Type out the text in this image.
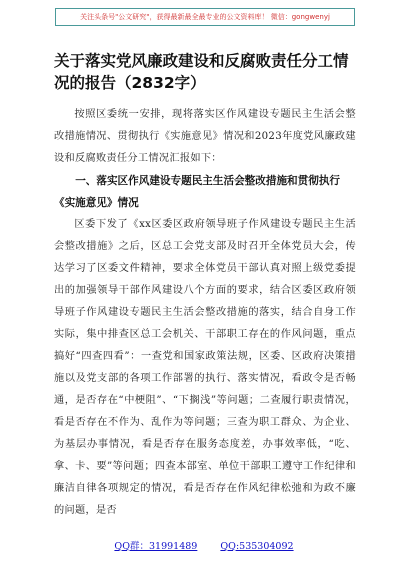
关注头条号"公文研究"，获得最新最全最专业的公文资料库！ 微信：gongwenyj
关于落实党风廉政建设和反腐败责任分工情况的报告（2832字）

按照区委统一安排，现将落实区作风建设专题民主生活会整改措施情况、贯彻执行《实施意见》情况和2023年度党风廉政建设和反腐败责任分工情况汇报如下：

一、落实区作风建设专题民主生活会整改措施和贯彻执行《实施意见》情况

区委下发了《xx区委区政府领导班子作风建设专题民主生活会整改措施》之后，区总工会党支部及时召开全体党员大会，传达学习了区委文件精神，要求全体党员干部认真对照上级党委提出的加强领导干部作风建设八个方面的要求，结合区委区政府领导班子作风建设专题民主生活会整改措施的落实，结合自身工作实际，集中排查区总工会机关、干部职工存在的作风问题，重点搞好“四查四看”：一查党和国家政策法规，区委、区政府决策措施以及党支部的各项工作部署的执行、落实情况，看政令是否畅通，是否存在“中梗阻”、“下搁浅”等问题；二查履行职责情况，看是否存在不作为、乱作为等问题；三查为职工群众、为企业、为基层办事情况，看是否存在服务态度差，办事效率低，“吃、拿、卡、要”等问题；四查本部室、单位干部职工遵守工作纪律和廉洁自律各项规定的情况，看是否存在作风纪律松弛和为政不廉的问题，是否

QQ群：31991489 QQ:535304092
